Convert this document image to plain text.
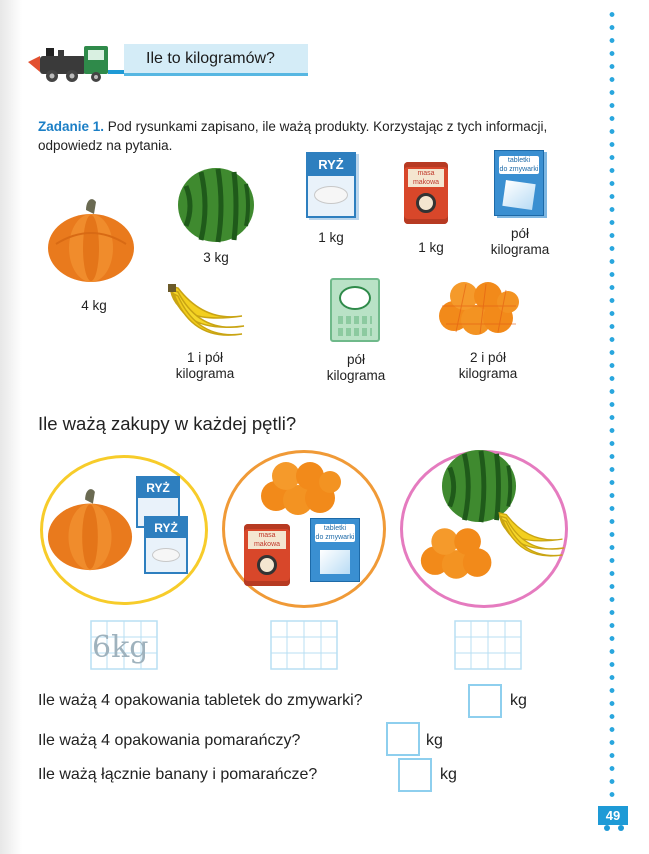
Ile to kilogramów?
Zadanie 1. Pod rysunkami zapisano, ile ważą produkty. Korzystając z tych informacji, odpowiedz na pytania.
4 kg
3 kg
RYŻ
1 kg
masa
makowa
1 kg
tabletki
do zmywarki
pół
kilograma
1 i pół
kilograma
pół
kilograma
2 i pół
kilograma
Ile ważą zakupy w każdej pętli?
RYŻ
RYŻ
masa
makowa
tabletki
do zmywarki
6kg
Ile ważą 4 opakowania tabletek do zmywarki?	kg
Ile ważą 4 opakowania pomarańczy?	kg
Ile ważą łącznie banany i pomarańcze?	kg
49
